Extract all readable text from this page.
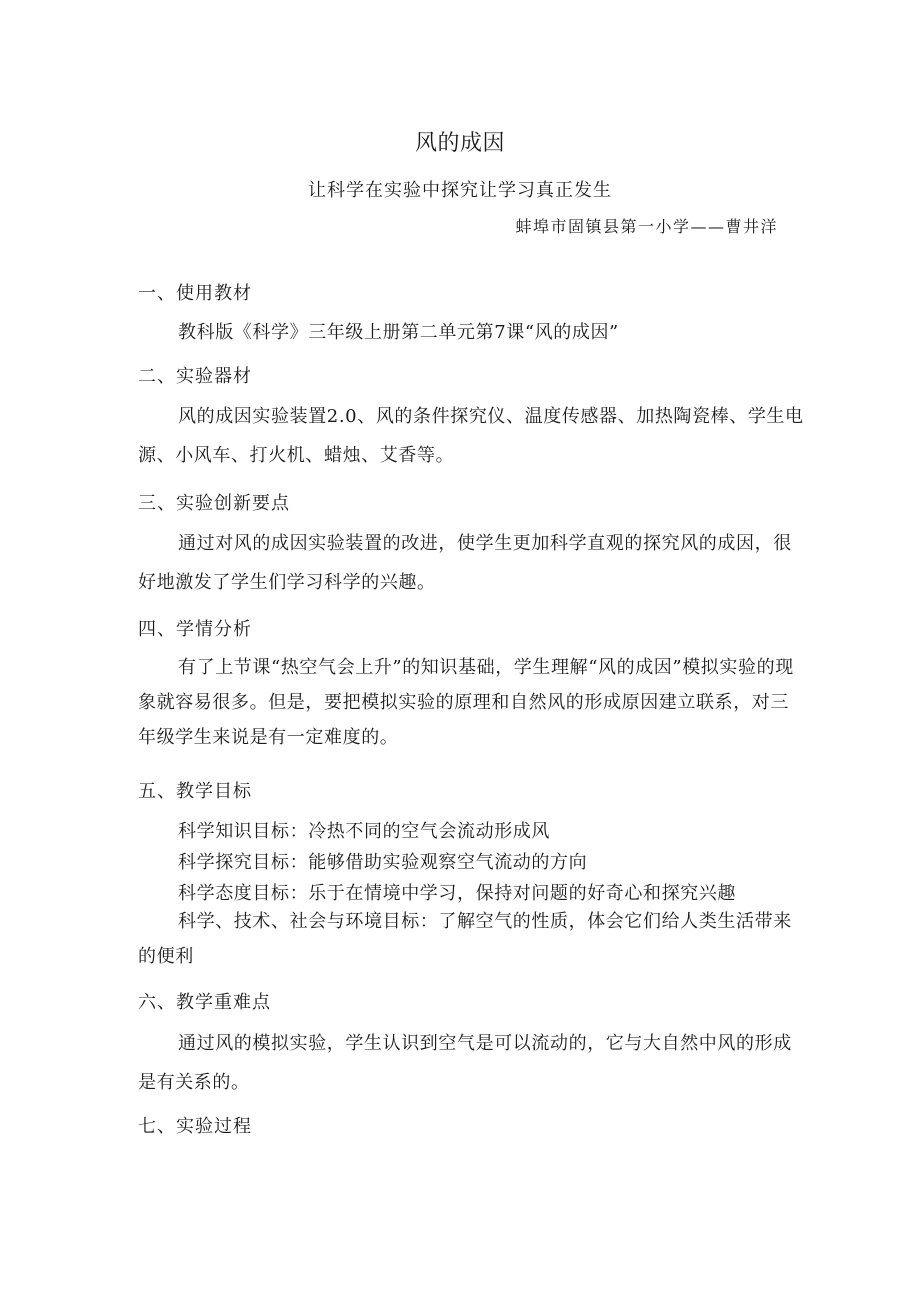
风的成因
让科学在实验中探究让学习真正发生
蚌埠市固镇县第一小学——曹井洋
一、使用教材
教科版《科学》三年级上册第二单元第7课“风的成因”
二、实验器材

风的成因实验装置2.0、风的条件探究仪、温度传感器、加热陶瓷棒、学生电源、小风车、打火机、蜡烛、艾香等。

三、实验创新要点

通过对风的成因实验装置的改进，使学生更加科学直观的探究风的成因，很好地激发了学生们学习科学的兴趣。

四、学情分析

有了上节课“热空气会上升”的知识基础，学生理解“风的成因”模拟实验的现象就容易很多。但是，要把模拟实验的原理和自然风的形成原因建立联系，对三年级学生来说是有一定难度的。

五、教学目标
科学知识目标：冷热不同的空气会流动形成风
科学探究目标：能够借助实验观察空气流动的方向
科学态度目标：乐于在情境中学习，保持对问题的好奇心和探究兴趣

科学、技术、社会与环境目标：了解空气的性质，体会它们给人类生活带来的便利

六、教学重难点

通过风的模拟实验，学生认识到空气是可以流动的，它与大自然中风的形成是有关系的。

七、实验过程
